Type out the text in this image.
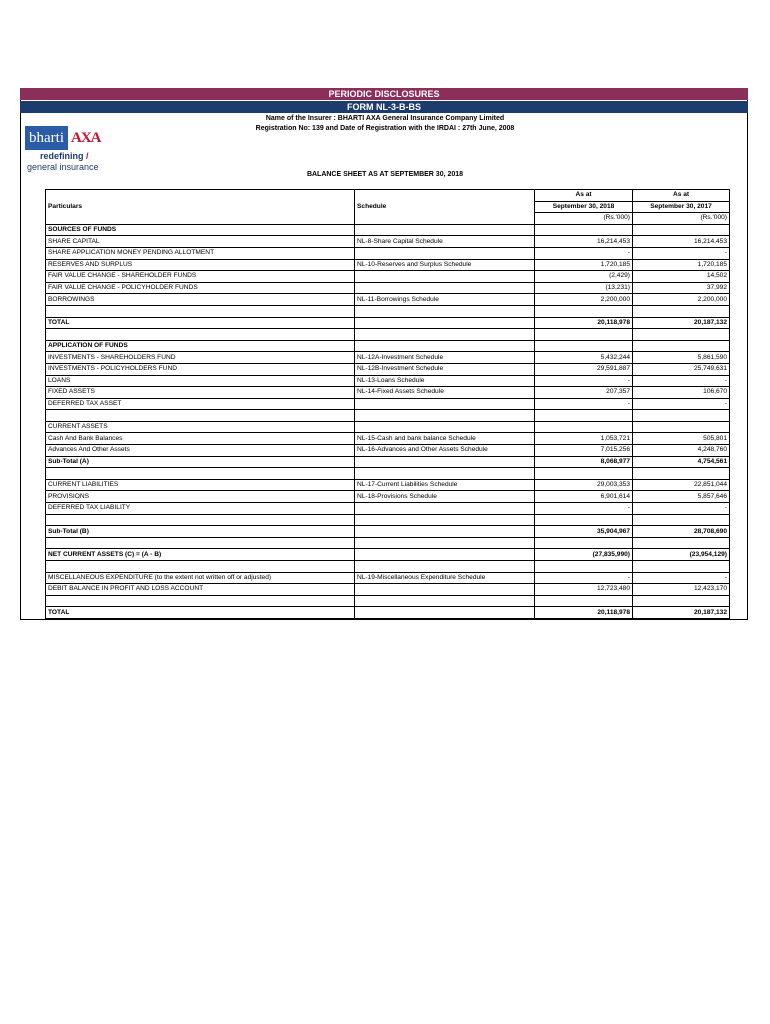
PERIODIC DISCLOSURES
FORM NL-3-B-BS
Name of the Insurer : BHARTI AXA General Insurance Company Limited
Registration No: 139 and Date of Registration with the IRDAI : 27th June, 2008
bharti AXA
redefining /
general insurance
BALANCE SHEET AS AT SEPTEMBER 30, 2018
Particulars	Schedule	As at	As at
		September 30, 2018	September 30, 2017
		(Rs.'000)	(Rs.'000)
SOURCES OF FUNDS			
SHARE CAPITAL	NL-8-Share Capital Schedule	16,214,453	16,214,453
SHARE APPLICATION MONEY PENDING ALLOTMENT		-	-
RESERVES AND SURPLUS	NL-10-Reserves and Surplus Schedule	1,720,185	1,720,185
FAIR VALUE CHANGE - SHAREHOLDER FUNDS		(2,429)	14,502
FAIR VALUE CHANGE - POLICYHOLDER FUNDS		(13,231)	37,992
BORROWINGS	NL-11-Borrowings Schedule	2,200,000	2,200,000

TOTAL		20,118,978	20,187,132

APPLICATION OF FUNDS			
INVESTMENTS - SHAREHOLDERS FUND	NL-12A-Investment Schedule	5,432,244	5,861,590
INVESTMENTS - POLICYHOLDERS FUND	NL-12B-Investment Schedule	29,591,887	25,749,631
LOANS	NL-13-Loans Schedule	-	-
FIXED ASSETS	NL-14-Fixed Assets Schedule	207,357	106,670
DEFERRED TAX ASSET		-	-

CURRENT ASSETS			
Cash And Bank Balances	NL-15-Cash and bank balance Schedule	1,053,721	505,801
Advances And Other Assets	NL-16-Advances and Other Assets Schedule	7,015,256	4,248,760
Sub-Total (A)		8,068,977	4,754,561

CURRENT LIABILITIES	NL-17-Current Liabilities Schedule	29,003,353	22,851,044
PROVISIONS	NL-18-Provisions Schedule	6,901,614	5,857,646
DEFERRED TAX LIABILITY		-	-

Sub-Total (B)		35,904,967	28,708,690

NET CURRENT ASSETS (C) = (A - B)		(27,835,990)	(23,954,129)

MISCELLANEOUS EXPENDITURE (to the extent not written off or adjusted)	NL-19-Miscellaneous Expenditure Schedule	-	-
DEBIT BALANCE IN PROFIT AND LOSS ACCOUNT		12,723,480	12,423,170

TOTAL		20,118,978	20,187,132
